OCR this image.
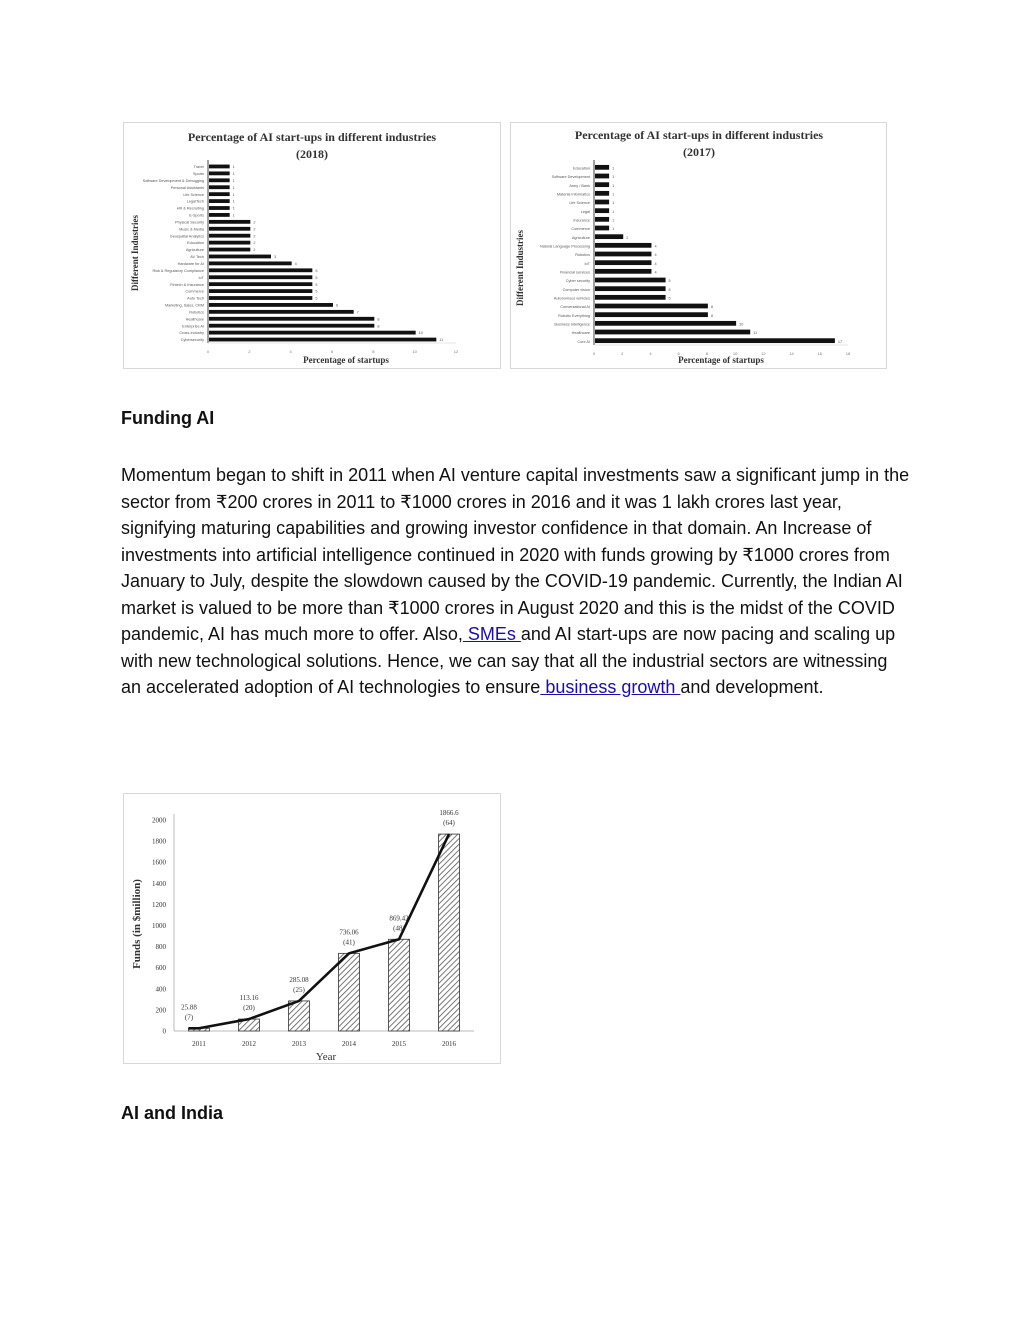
Percentage of AI start-ups in different industries
(2018)
Different Industries
Percentage of startups
0	2	4	6	8	10	12
Travel	1
Sports	1
Software Development & Debugging	1
Personal Assistants	1
Life Science	1
LegalTech	1
HR & Recruiting	1
E-Sports	1
Physical Security	2
Music & Media	2
Geospatial Analytics	2
Education	2
Agriculture	2
AV Tech	3
Hardware for AI	4
Risk & Regulatory Compliance	5
IoT	5
Fintech & Insurance	5
Commerce	5
Auto Tech	5
Marketing, Sales, CRM	6
Robotics	7
Healthcare	8
Enterprise AI	8
Cross-Industry	10
Cybersecurity	11
Percentage of AI start-ups in different industries
(2017)
Different Industries
Percentage of startups
0	2	4	6	8	10	12	14	16	18
Education	1
Software Development	1
Army / Bank	1
Material Informatics	1
Life Science	1
Legal	1
Insurance	1
Commerce	1
Agriculture	2
Natural Language Processing	4
Robotics	4
IoT	4
Financial services	4
Cyber security	5
Computer vision	5
Autonomous vehicles	5
Conversational AI	8
Robotic Everything	8
Business Intelligence	10
Healthcare	11
Core AI	17
Funding AI

Momentum began to shift in 2011 when AI venture capital investments saw a significant jump in the sector from ₹200 crores in 2011 to ₹1000 crores in 2016 and it was 1 lakh crores last year, signifying maturing capabilities and growing investor confidence in that domain. An Increase of investments into artificial intelligence continued in 2020 with funds growing by ₹1000 crores from January to July, despite the slowdown caused by the COVID-19 pandemic. Currently, the Indian AI market is valued to be more than ₹1000 crores in August 2020 and this is the midst of the COVID pandemic, AI has much more to offer. Also, SMEs and AI start-ups are now pacing and scaling up with new technological solutions. Hence, we can say that all the industrial sectors are witnessing an accelerated adoption of AI technologies to ensure business growth and development.

Funds (in $million)
Year
0
200
400
600
800
1000
1200
1400
1600
1800
2000
2011
25.88
(7)
2012
113.16
(20)
2013
285.08
(25)
2014
736.06
(41)
2015
869.42
(48)
2016
1866.6
(64)
AI and India
